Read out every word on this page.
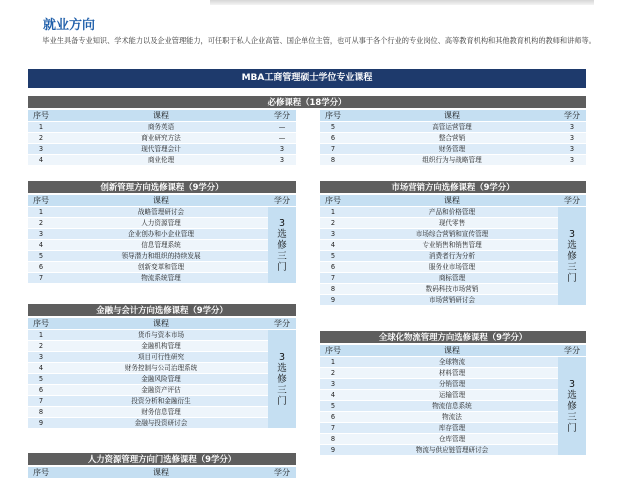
就业方向
毕业生具备专业知识、学术能力以及企业管理能力，可任职于私人企业高管、国企单位主管，也可从事于各个行业的专业岗位、高等教育机构和其他教育机构的教师和讲师等。
MBA工商管理硕士学位专业课程
必修课程（18学分）
序号	课程	学分
1	商务英语	—
2	商业研究方法	—
3	现代管理会计	3
4	商业伦理	3
序号	课程	学分
5	高管运营管理	3
6	整合营销	3
7	财务管理	3
8	组织行为与战略管理	3
创新管理方向选修课程（9学分）
序号	课程	学分
1	战略管理研讨会	3选修三门
2	人力资源管理	
3	企业创办和小企业管理	
4	信息管理系统	
5	领导潜力和组织的持续发展	
6	创新变革和管理	
7	物流系统管理	
市场营销方向选修课程（9学分）
序号	课程	学分
1	产品和价格管理	3选修三门
2	现代零售	
3	市场综合营销和宣传管理	
4	专业销售和销售管理	
5	消费者行为分析	
6	服务业市场管理	
7	商标管理	
8	数码科技市场营销	
9	市场营销研讨会	
金融与会计方向选修课程（9学分）
序号	课程	学分
1	货币与资本市场	3选修三门
2	金融机构管理	
3	项目可行性研究	
4	财务控制与公司治理系统	
5	金融风险管理	
6	金融资产评估	
7	投资分析和金融衍生	
8	财务信息管理	
9	金融与投资研讨会	
全球化物流管理方向选修课程（9学分）
序号	课程	学分
1	全球物流	3选修三门
2	材料管理	
3	分销管理	
4	运输管理	
5	物流信息系统	
6	物流法	
7	库存管理	
8	仓库管理	
9	物流与供应链管理研讨会	
人力资源管理方向门选修课程（9学分）
序号	课程	学分
